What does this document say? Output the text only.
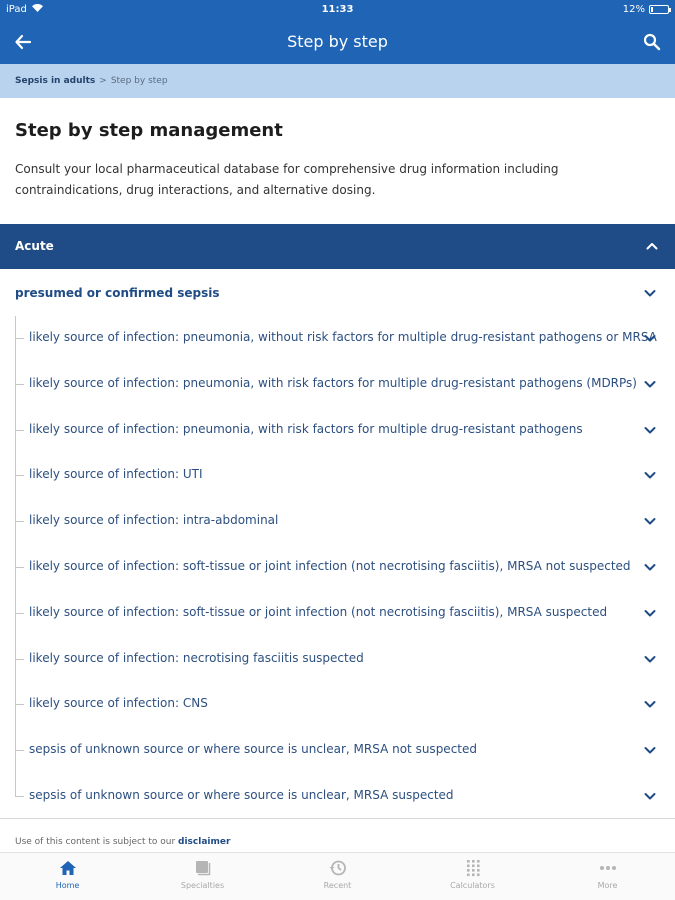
iPad	11:33	12%
Step by step
Sepsis in adults > Step by step
Step by step management

Consult your local pharmaceutical database for comprehensive drug information including contraindications, drug interactions, and alternative dosing.

Acute
presumed or confirmed sepsis
likely source of infection: pneumonia, without risk factors for multiple drug-resistant pathogens or MRSA
likely source of infection: pneumonia, with risk factors for multiple drug-resistant pathogens (MDRPs)
likely source of infection: pneumonia, with risk factors for multiple drug-resistant pathogens
likely source of infection: UTI
likely source of infection: intra-abdominal
likely source of infection: soft-tissue or joint infection (not necrotising fasciitis), MRSA not suspected
likely source of infection: soft-tissue or joint infection (not necrotising fasciitis), MRSA suspected
likely source of infection: necrotising fasciitis suspected
likely source of infection: CNS
sepsis of unknown source or where source is unclear, MRSA not suspected
sepsis of unknown source or where source is unclear, MRSA suspected
Use of this content is subject to our disclaimer
Home	Specialties	Recent	Calculators	More
